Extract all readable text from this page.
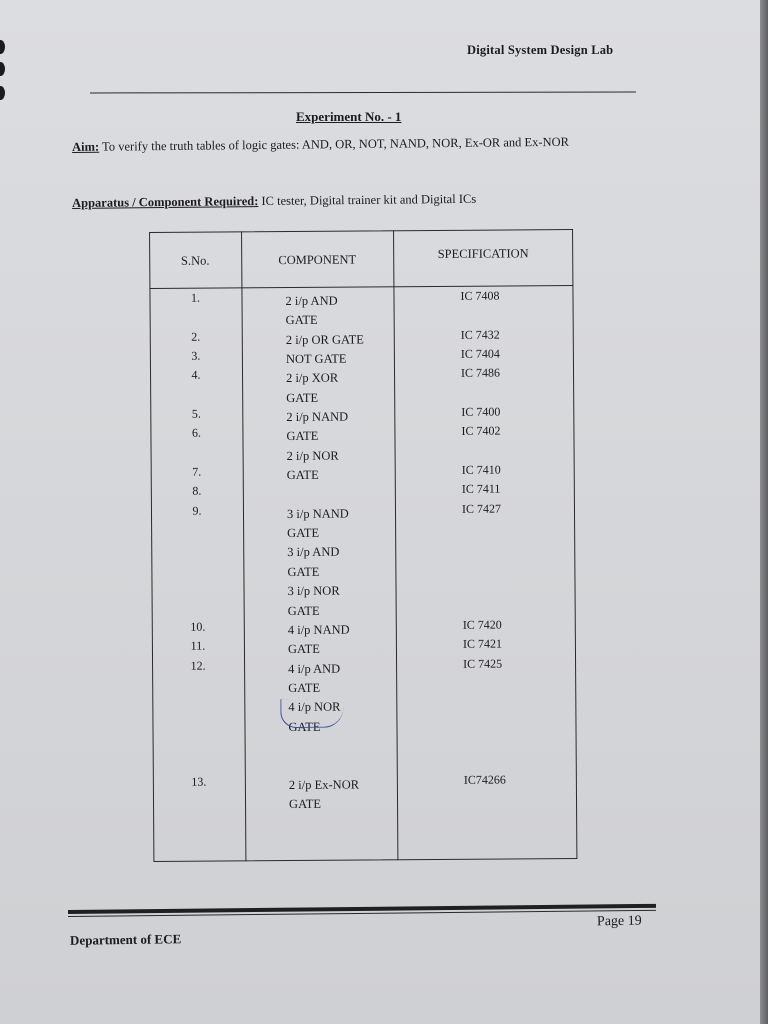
Digital System Design Lab
Experiment No. - 1
Aim: To verify the truth tables of logic gates: AND, OR, NOT, NAND, NOR, Ex-OR and Ex-NOR
Apparatus / Component Required: IC tester, Digital trainer kit and Digital ICs
S.No.	COMPONENT	SPECIFICATION
1.
2.
3.
4.
5.
6.
7.
8.
9.
10.
11.
12.
13.
2 i/p AND
GATE
2 i/p OR GATE
NOT GATE
2 i/p XOR
GATE
2 i/p NAND
GATE
2 i/p NOR
GATE
3 i/p NAND
GATE
3 i/p AND
GATE
3 i/p NOR
GATE
4 i/p NAND
GATE
4 i/p AND
GATE
4 i/p NOR
GATE
2 i/p Ex-NOR
GATE
IC 7408
IC 7432
IC 7404
IC 7486
IC 7400
IC 7402
IC 7410
IC 7411
IC 7427
IC 7420
IC 7421
IC 7425
IC74266
Department of ECE
Page 19
